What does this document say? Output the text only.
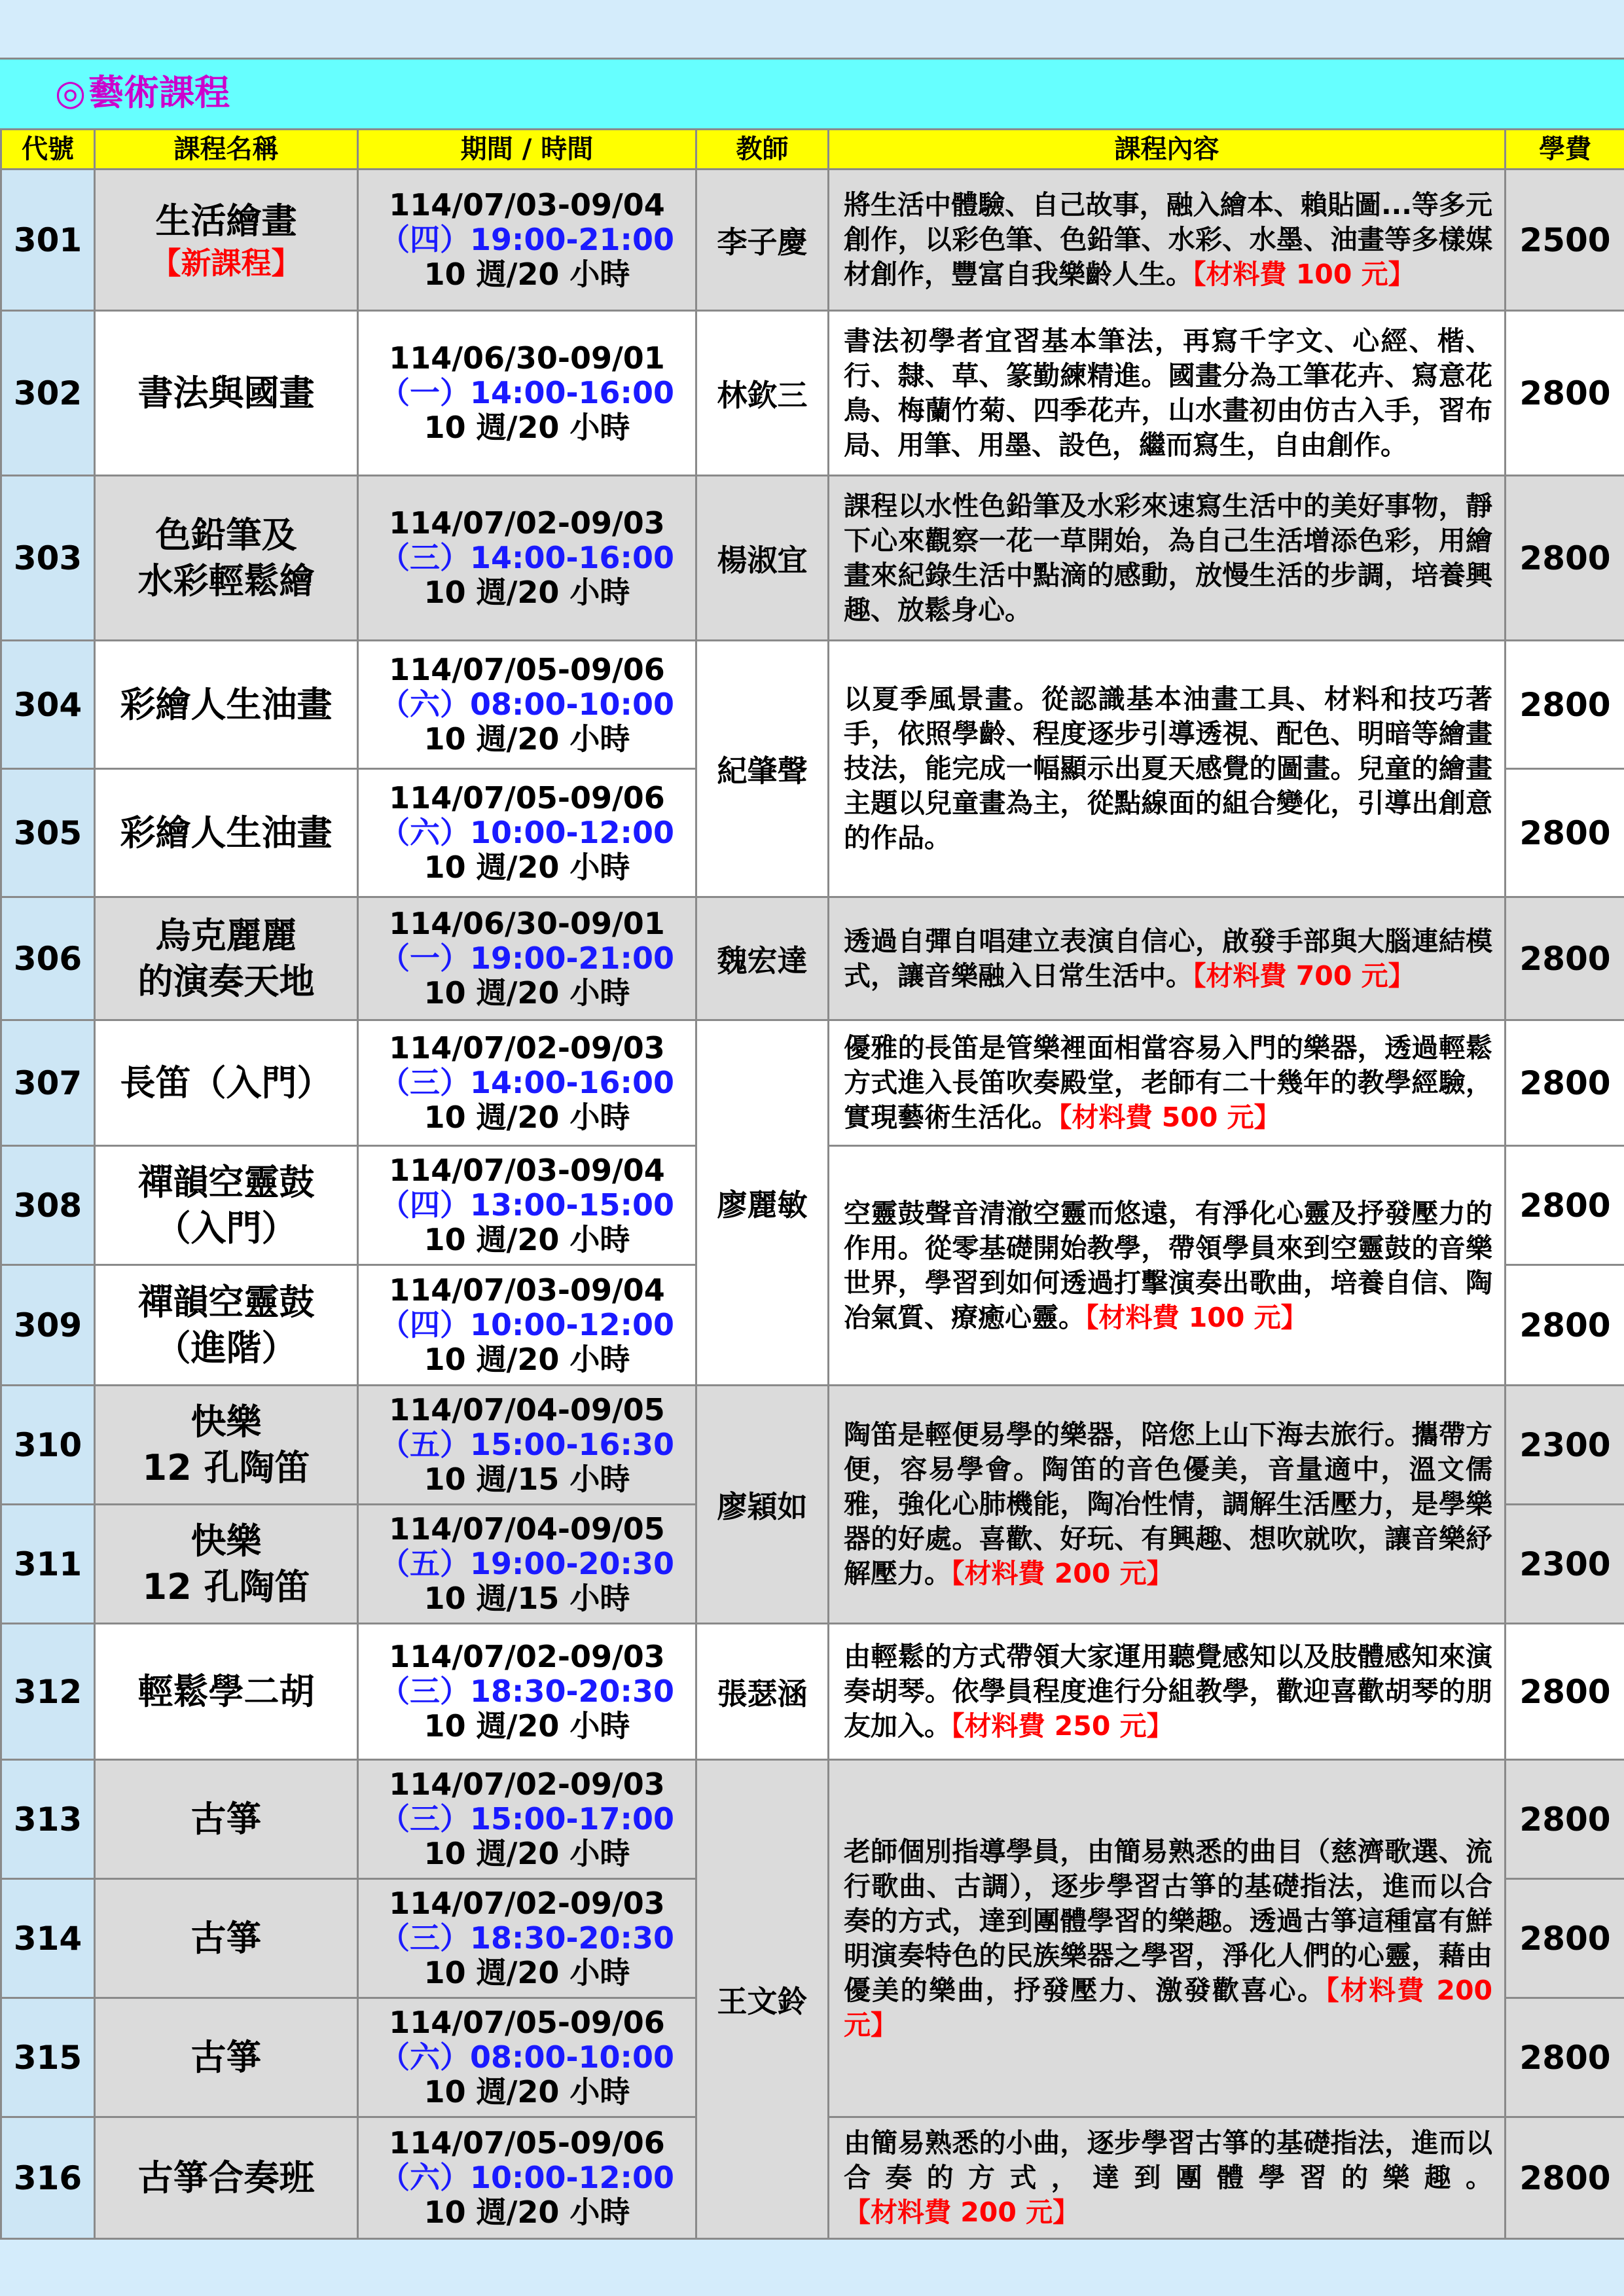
◎藝術課程
代號	課程名稱	期間 / 時間	教師	課程內容	學費
301	生活繪畫
【新課程】	114/07/03-09/04
（四）19:00-21:00
10 週/20 小時	李子慶	將生活中體驗、自己故事，融入繪本、賴貼圖...等多元創作，以彩色筆、色鉛筆、水彩、水墨、油畫等多樣媒材創作，豐富自我樂齡人生。【材料費 100 元】	2500
302	書法與國畫	114/06/30-09/01
（一）14:00-16:00
10 週/20 小時	林欽三	書法初學者宜習基本筆法，再寫千字文、心經、楷、行、隸、草、篆勤練精進。國畫分為工筆花卉、寫意花鳥、梅蘭竹菊、四季花卉，山水畫初由仿古入手，習布局、用筆、用墨、設色，繼而寫生，自由創作。	2800
303	色鉛筆及
水彩輕鬆繪	114/07/02-09/03
（三）14:00-16:00
10 週/20 小時	楊淑宜	課程以水性色鉛筆及水彩來速寫生活中的美好事物，靜下心來觀察一花一草開始，為自己生活增添色彩，用繪畫來紀錄生活中點滴的感動，放慢生活的步調，培養興趣、放鬆身心。	2800
304	彩繪人生油畫	114/07/05-09/06
（六）08:00-10:00
10 週/20 小時	紀肇聲	以夏季風景畫。從認識基本油畫工具、材料和技巧著手，依照學齡、程度逐步引導透視、配色、明暗等繪畫技法，能完成一幅顯示出夏天感覺的圖畫。兒童的繪畫主題以兒童畫為主，從點線面的組合變化，引導出創意的作品。	2800
305	彩繪人生油畫	114/07/05-09/06
（六）10:00-12:00
10 週/20 小時			2800
306	烏克麗麗
的演奏天地	114/06/30-09/01
（一）19:00-21:00
10 週/20 小時	魏宏達	透過自彈自唱建立表演自信心，啟發手部與大腦連結模式，讓音樂融入日常生活中。【材料費 700 元】	2800
307	長笛（入門）	114/07/02-09/03
（三）14:00-16:00
10 週/20 小時	廖麗敏	優雅的長笛是管樂裡面相當容易入門的樂器，透過輕鬆方式進入長笛吹奏殿堂，老師有二十幾年的教學經驗，實現藝術生活化。【材料費 500 元】	2800
308	禪韻空靈鼓
（入門）	114/07/03-09/04
（四）13:00-15:00
10 週/20 小時		空靈鼓聲音清澈空靈而悠遠，有淨化心靈及抒發壓力的作用。從零基礎開始教學，帶領學員來到空靈鼓的音樂世界，學習到如何透過打擊演奏出歌曲，培養自信、陶冶氣質、療癒心靈。【材料費 100 元】	2800
309	禪韻空靈鼓
（進階）	114/07/03-09/04
（四）10:00-12:00
10 週/20 小時			2800
310	快樂
12 孔陶笛	114/07/04-09/05
（五）15:00-16:30
10 週/15 小時	廖穎如	陶笛是輕便易學的樂器，陪您上山下海去旅行。攜帶方便，容易學會。陶笛的音色優美，音量適中，溫文儒雅，強化心肺機能，陶冶性情，調解生活壓力，是學樂器的好處。喜歡、好玩、有興趣、想吹就吹，讓音樂紓解壓力。【材料費 200 元】	2300
311	快樂
12 孔陶笛	114/07/04-09/05
（五）19:00-20:30
10 週/15 小時			2300
312	輕鬆學二胡	114/07/02-09/03
（三）18:30-20:30
10 週/20 小時	張瑟涵	由輕鬆的方式帶領大家運用聽覺感知以及肢體感知來演奏胡琴。依學員程度進行分組教學，歡迎喜歡胡琴的朋友加入。【材料費 250 元】	2800
313	古箏	114/07/02-09/03
（三）15:00-17:00
10 週/20 小時	王文鈴	老師個別指導學員，由簡易熟悉的曲目（慈濟歌選、流行歌曲、古調），逐步學習古箏的基礎指法，進而以合奏的方式，達到團體學習的樂趣。透過古箏這種富有鮮明演奏特色的民族樂器之學習，淨化人們的心靈，藉由優美的樂曲，抒發壓力、激發歡喜心。【材料費 200 元】	2800
314	古箏	114/07/02-09/03
（三）18:30-20:30
10 週/20 小時			2800
315	古箏	114/07/05-09/06
（六）08:00-10:00
10 週/20 小時			2800
316	古箏合奏班	114/07/05-09/06
（六）10:00-12:00
10 週/20 小時		由簡易熟悉的小曲，逐步學習古箏的基礎指法，進而以合奏的方式，達到團體學習的樂趣。【材料費 200 元】	2800
